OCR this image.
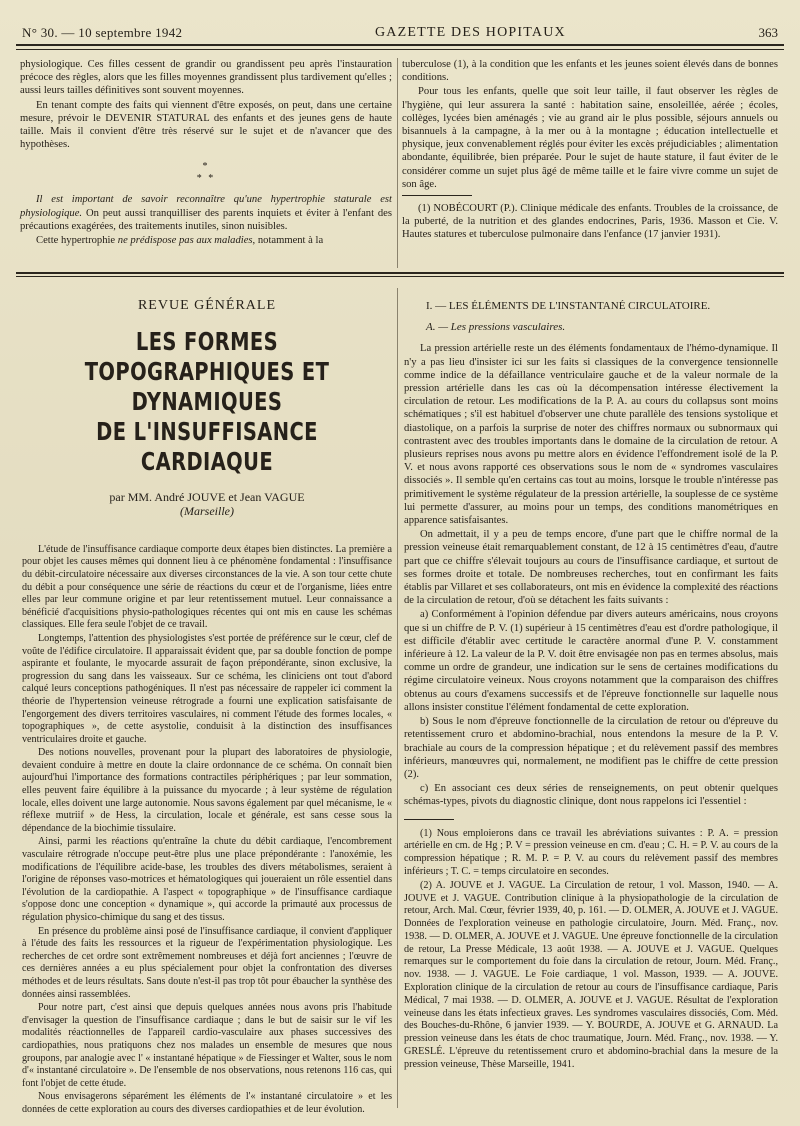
N° 30. — 10 septembre 1942	GAZETTE DES HOPITAUX	363

physiologique. Ces filles cessent de grandir ou grandissent peu après l'instauration précoce des règles, alors que les filles moyennes grandissent plus tardivement qu'elles ; aussi leurs tailles définitives sont souvent moyennes.

En tenant compte des faits qui viennent d'être exposés, on peut, dans une certaine mesure, prévoir le DEVENIR STATURAL des enfants et des jeunes gens de haute taille. Mais il convient d'être très réservé sur le sujet et de n'avancer que des hypothèses.

*
* *

Il est important de savoir reconnaître qu'une hypertrophie staturale est physiologique. On peut aussi tranquilliser des parents inquiets et éviter à l'enfant des précautions exagérées, des traitements inutiles, sinon nuisibles.

Cette hypertrophie ne prédispose pas aux maladies, notamment à la

tuberculose (1), à la condition que les enfants et les jeunes soient élevés dans de bonnes conditions.

Pour tous les enfants, quelle que soit leur taille, il faut observer les règles de l'hygiène, qui leur assurera la santé : habitation saine, ensoleillée, aérée ; écoles, collèges, lycées bien aménagés ; vie au grand air le plus possible, séjours annuels ou bisannuels à la campagne, à la mer ou à la montagne ; éducation intellectuelle et physique, jeux convenablement réglés pour éviter les excès préjudiciables ; alimentation abondante, équilibrée, bien préparée. Pour le sujet de haute stature, il faut éviter de le considérer comme un sujet plus âgé de même taille et le faire vivre comme un sujet de son âge.

(1) NOBÉCOURT (P.). Clinique médicale des enfants. Troubles de la croissance, de la puberté, de la nutrition et des glandes endocrines, Paris, 1936. Masson et Cie. V. Hautes statures et tuberculose pulmonaire dans l'enfance (17 janvier 1931).

REVUE GÉNÉRALE
LES FORMES TOPOGRAPHIQUES ET DYNAMIQUES
DE L'INSUFFISANCE CARDIAQUE
par MM. André JOUVE et Jean VAGUE
(Marseille)

L'étude de l'insuffisance cardiaque comporte deux étapes bien distinctes. La première a pour objet les causes mêmes qui donnent lieu à ce phénomène fondamental : l'insuffisance du débit-circulatoire nécessaire aux diverses circonstances de la vie. A son tour cette chute du débit a pour conséquence une série de réactions du cœur et de l'organisme, liées entre elles par leur commune origine et par leur retentissement mutuel. Leur connaissance a bénéficié d'acquisitions physio-pathologiques récentes qui ont mis en cause les schémas classiques. Elle fera seule l'objet de ce travail.

Longtemps, l'attention des physiologistes s'est portée de préférence sur le cœur, clef de voûte de l'édifice circulatoire. Il apparaissait évident que, par sa double fonction de pompe aspirante et foulante, le myocarde assurait de façon prépondérante, sinon exclusive, la progression du sang dans les vaisseaux. Sur ce schéma, les cliniciens ont tout d'abord calqué leurs conceptions pathogéniques. Il n'est pas nécessaire de rappeler ici comment la théorie de l'hypertension veineuse rétrograde a fourni une explication satisfaisante de l'engorgement des divers territoires vasculaires, ni comment l'étude des formes locales, « topographiques », de cette asystolie, conduisit à la distinction des insuffisances ventriculaires droite et gauche.

Des notions nouvelles, provenant pour la plupart des laboratoires de physiologie, devaient conduire à mettre en doute la claire ordonnance de ce schéma. On connaît bien aujourd'hui l'importance des formations contractiles périphériques ; par leur sommation, elles peuvent faire équilibre à la puissance du myocarde ; à leur système de régulation locale, elles doivent une large autonomie. Nous savons également par quel mécanisme, le « réflexe mutriif » de Hess, la circulation, locale et générale, est sans cesse sous la dépendance de la biochimie tissulaire.

Ainsi, parmi les réactions qu'entraîne la chute du débit cardiaque, l'encombrement vasculaire rétrograde n'occupe peut-être plus une place prépondérante : l'anoxémie, les modifications de l'équilibre acide-base, les troubles des divers métabolismes, seraient à l'origine de réponses vaso-motrices et hématologiques qui joueraient un rôle essentiel dans l'évolution de la cardiopathie. A l'aspect « topographique » de l'insuffisance cardiaque s'oppose donc une conception « dynamique », qui accorde la primauté aux processus de régulation physico-chimique du sang et des tissus.

En présence du problème ainsi posé de l'insuffisance cardiaque, il convient d'appliquer à l'étude des faits les ressources et la rigueur de l'expérimentation physiologique. Les recherches de cet ordre sont extrêmement nombreuses et déjà fort anciennes ; l'œuvre de ces dernières années a eu plus spécialement pour objet la confrontation des diverses méthodes et de leurs résultats. Sans doute n'est-il pas trop tôt pour ébaucher la synthèse des données ainsi rassemblées.

Pour notre part, c'est ainsi que depuis quelques années nous avons pris l'habitude d'envisager la question de l'insuffisance cardiaque ; dans le but de saisir sur le vif les modalités réactionnelles de l'appareil cardio-vasculaire aux phases successives des cardiopathies, nous pratiquons chez nos malades un ensemble de mesures que nous groupons, par analogie avec l' « instantané hépatique » de Fiessinger et Walter, sous le nom d'« instantané circulatoire ». De l'ensemble de nos observations, nous retenons 116 cas, qui font l'objet de cette étude.

Nous envisagerons séparément les éléments de l'« instantané circulatoire » et les données de cette exploration au cours des diverses cardiopathies et de leur évolution.

I. — LES ÉLÉMENTS DE L'INSTANTANÉ CIRCULATOIRE.
A. — Les pressions vasculaires.

La pression artérielle reste un des éléments fondamentaux de l'hémo-dynamique. Il n'y a pas lieu d'insister ici sur les faits si classiques de la convergence tensionnelle comme indice de la défaillance ventriculaire gauche et de la valeur normale de la pression artérielle dans les cas où la décompensation intéresse électivement la circulation de retour. Les modifications de la P. A. au cours du collapsus sont moins schématiques ; s'il est habituel d'observer une chute parallèle des tensions systolique et diastolique, on a parfois la surprise de noter des chiffres normaux ou subnormaux qui contrastent avec des troubles importants dans le domaine de la circulation de retour. A plusieurs reprises nous avons pu mettre alors en évidence l'effondrement isolé de la P. V. et nous avons rapporté ces observations sous le nom de « syndromes vasculaires dissociés ». Il semble qu'en certains cas tout au moins, lorsque le trouble n'intéresse pas primitivement le système régulateur de la pression artérielle, la souplesse de ce système lui permette d'assurer, au moins pour un temps, des conditions manométriques en apparence satisfaisantes.

On admettait, il y a peu de temps encore, d'une part que le chiffre normal de la pression veineuse était remarquablement constant, de 12 à 15 centimètres d'eau, d'autre part que ce chiffre s'élevait toujours au cours de l'insuffisance cardiaque, et surtout de ses formes droite et totale. De nombreuses recherches, tout en confirmant les faits établis par Villaret et ses collaborateurs, ont mis en évidence la complexité des réactions de la circulation de retour, d'où se détachent les faits suivants :

a) Conformément à l'opinion défendue par divers auteurs américains, nous croyons que si un chiffre de P. V. (1) supérieur à 15 centimètres d'eau est d'ordre pathologique, il est difficile d'établir avec certitude le caractère anormal d'une P. V. constamment inférieure à 12. La valeur de la P. V. doit être envisagée non pas en termes absolus, mais comme un ordre de grandeur, une indication sur le sens de certaines modifications du régime circulatoire veineux. Nous croyons notamment que la comparaison des chiffres obtenus au cours d'examens successifs et de l'épreuve fonctionnelle sur laquelle nous allons insister constitue l'élément fondamental de cette exploration.

b) Sous le nom d'épreuve fonctionnelle de la circulation de retour ou d'épreuve du retentissement cruro et abdomino-brachial, nous entendons la mesure de la P. V. brachiale au cours de la compression hépatique ; et du relèvement passif des membres inférieurs, manœuvres qui, normalement, ne modifient pas le chiffre de cette pression (2).

c) En associant ces deux séries de renseignements, on peut obtenir quelques schémas-types, pivots du diagnostic clinique, dont nous rappelons ici l'essentiel :

(1) Nous emploierons dans ce travail les abréviations suivantes : P. A. = pression artérielle en cm. de Hg ; P. V = pression veineuse en cm. d'eau ; C. H. = P. V. au cours de la compression hépatique ; R. M. P. = P. V. au cours du relèvement passif des membres inférieurs ; T. C. = temps circulatoire en secondes.

(2) A. JOUVE et J. VAGUE. La Circulation de retour, 1 vol. Masson, 1940. — A. JOUVE et J. VAGUE. Contribution clinique à la physiopathologie de la circulation de retour, Arch. Mal. Cœur, février 1939, 40, p. 161. — D. OLMER, A. JOUVE et J. VAGUE. Données de l'exploration veineuse en pathologie circulatoire, Journ. Méd. Franç., nov. 1938. — D. OLMER, A. JOUVE et J. VAGUE. Une épreuve fonctionnelle de la circulation de retour, La Presse Médicale, 13 août 1938. — A. JOUVE et J. VAGUE. Quelques remarques sur le comportement du foie dans la circulation de retour, Journ. Méd. Franç., nov. 1938. — J. VAGUE. Le Foie cardiaque, 1 vol. Masson, 1939. — A. JOUVE. Exploration clinique de la circulation de retour au cours de l'insuffisance cardiaque, Paris Médical, 7 mai 1938. — D. OLMER, A. JOUVE et J. VAGUE. Résultat de l'exploration veineuse dans les états infectieux graves. Les syndromes vasculaires dissociés, Com. Méd. des Bouches-du-Rhône, 6 janvier 1939. — Y. BOURDE, A. JOUVE et G. ARNAUD. La pression veineuse dans les états de choc traumatique, Journ. Méd. Franç., nov. 1938. — Y. GRESLÉ. L'épreuve du retentissement cruro et abdomino-brachial dans la mesure de la pression veineuse, Thèse Marseille, 1941.
